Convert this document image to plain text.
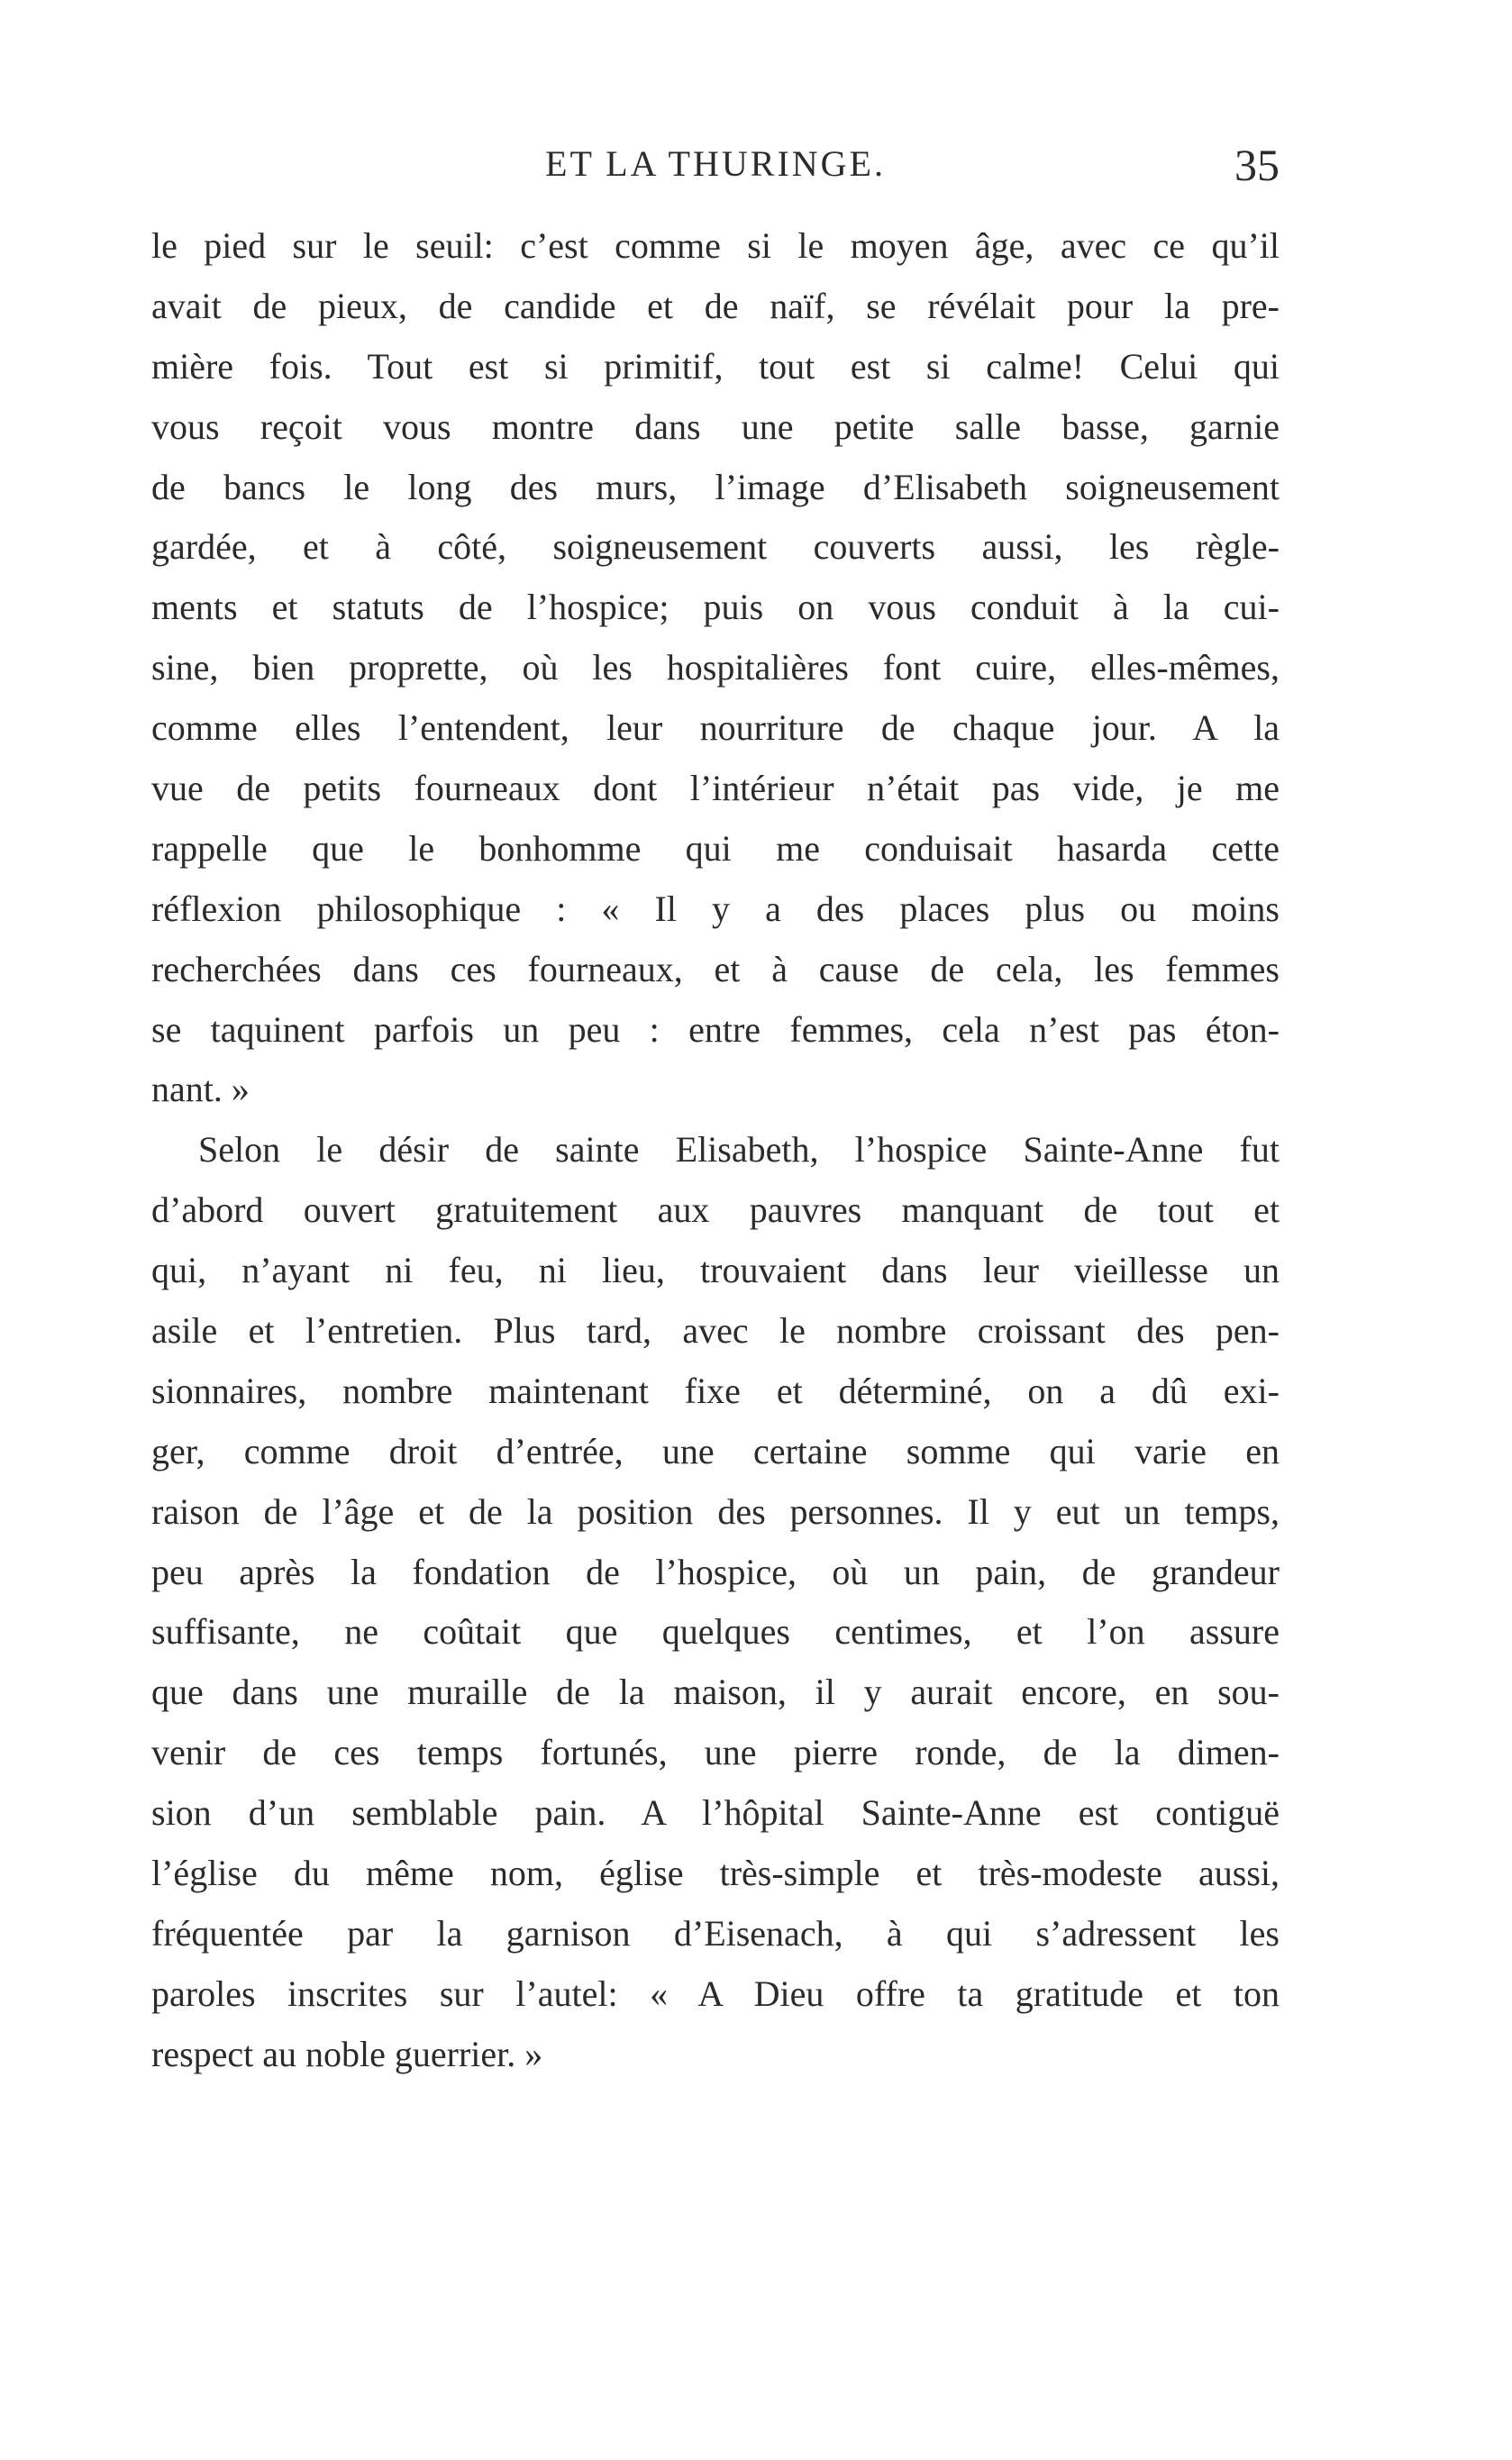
ET LA THURINGE.	35
le pied sur le seuil: c’est comme si le moyen âge, avec ce qu’il
avait de pieux, de candide et de naïf, se révélait pour la pre-
mière fois. Tout est si primitif, tout est si calme! Celui qui
vous reçoit vous montre dans une petite salle basse, garnie
de bancs le long des murs, l’image d’Elisabeth soigneusement
gardée, et à côté, soigneusement couverts aussi, les règle-
ments et statuts de l’hospice; puis on vous conduit à la cui-
sine, bien proprette, où les hospitalières font cuire, elles-mêmes,
comme elles l’entendent, leur nourriture de chaque jour. A la
vue de petits fourneaux dont l’intérieur n’était pas vide, je me
rappelle que le bonhomme qui me conduisait hasarda cette
réflexion philosophique : « Il y a des places plus ou moins
recherchées dans ces fourneaux, et à cause de cela, les femmes
se taquinent parfois un peu : entre femmes, cela n’est pas éton-
nant. »
Selon le désir de sainte Elisabeth, l’hospice Sainte-Anne fut
d’abord ouvert gratuitement aux pauvres manquant de tout et
qui, n’ayant ni feu, ni lieu, trouvaient dans leur vieillesse un
asile et l’entretien. Plus tard, avec le nombre croissant des pen-
sionnaires, nombre maintenant fixe et déterminé, on a dû exi-
ger, comme droit d’entrée, une certaine somme qui varie en
raison de l’âge et de la position des personnes. Il y eut un temps,
peu après la fondation de l’hospice, où un pain, de grandeur
suffisante, ne coûtait que quelques centimes, et l’on assure
que dans une muraille de la maison, il y aurait encore, en sou-
venir de ces temps fortunés, une pierre ronde, de la dimen-
sion d’un semblable pain. A l’hôpital Sainte-Anne est contiguë
l’église du même nom, église très-simple et très-modeste aussi,
fréquentée par la garnison d’Eisenach, à qui s’adressent les
paroles inscrites sur l’autel: « A Dieu offre ta gratitude et ton
respect au noble guerrier. »
